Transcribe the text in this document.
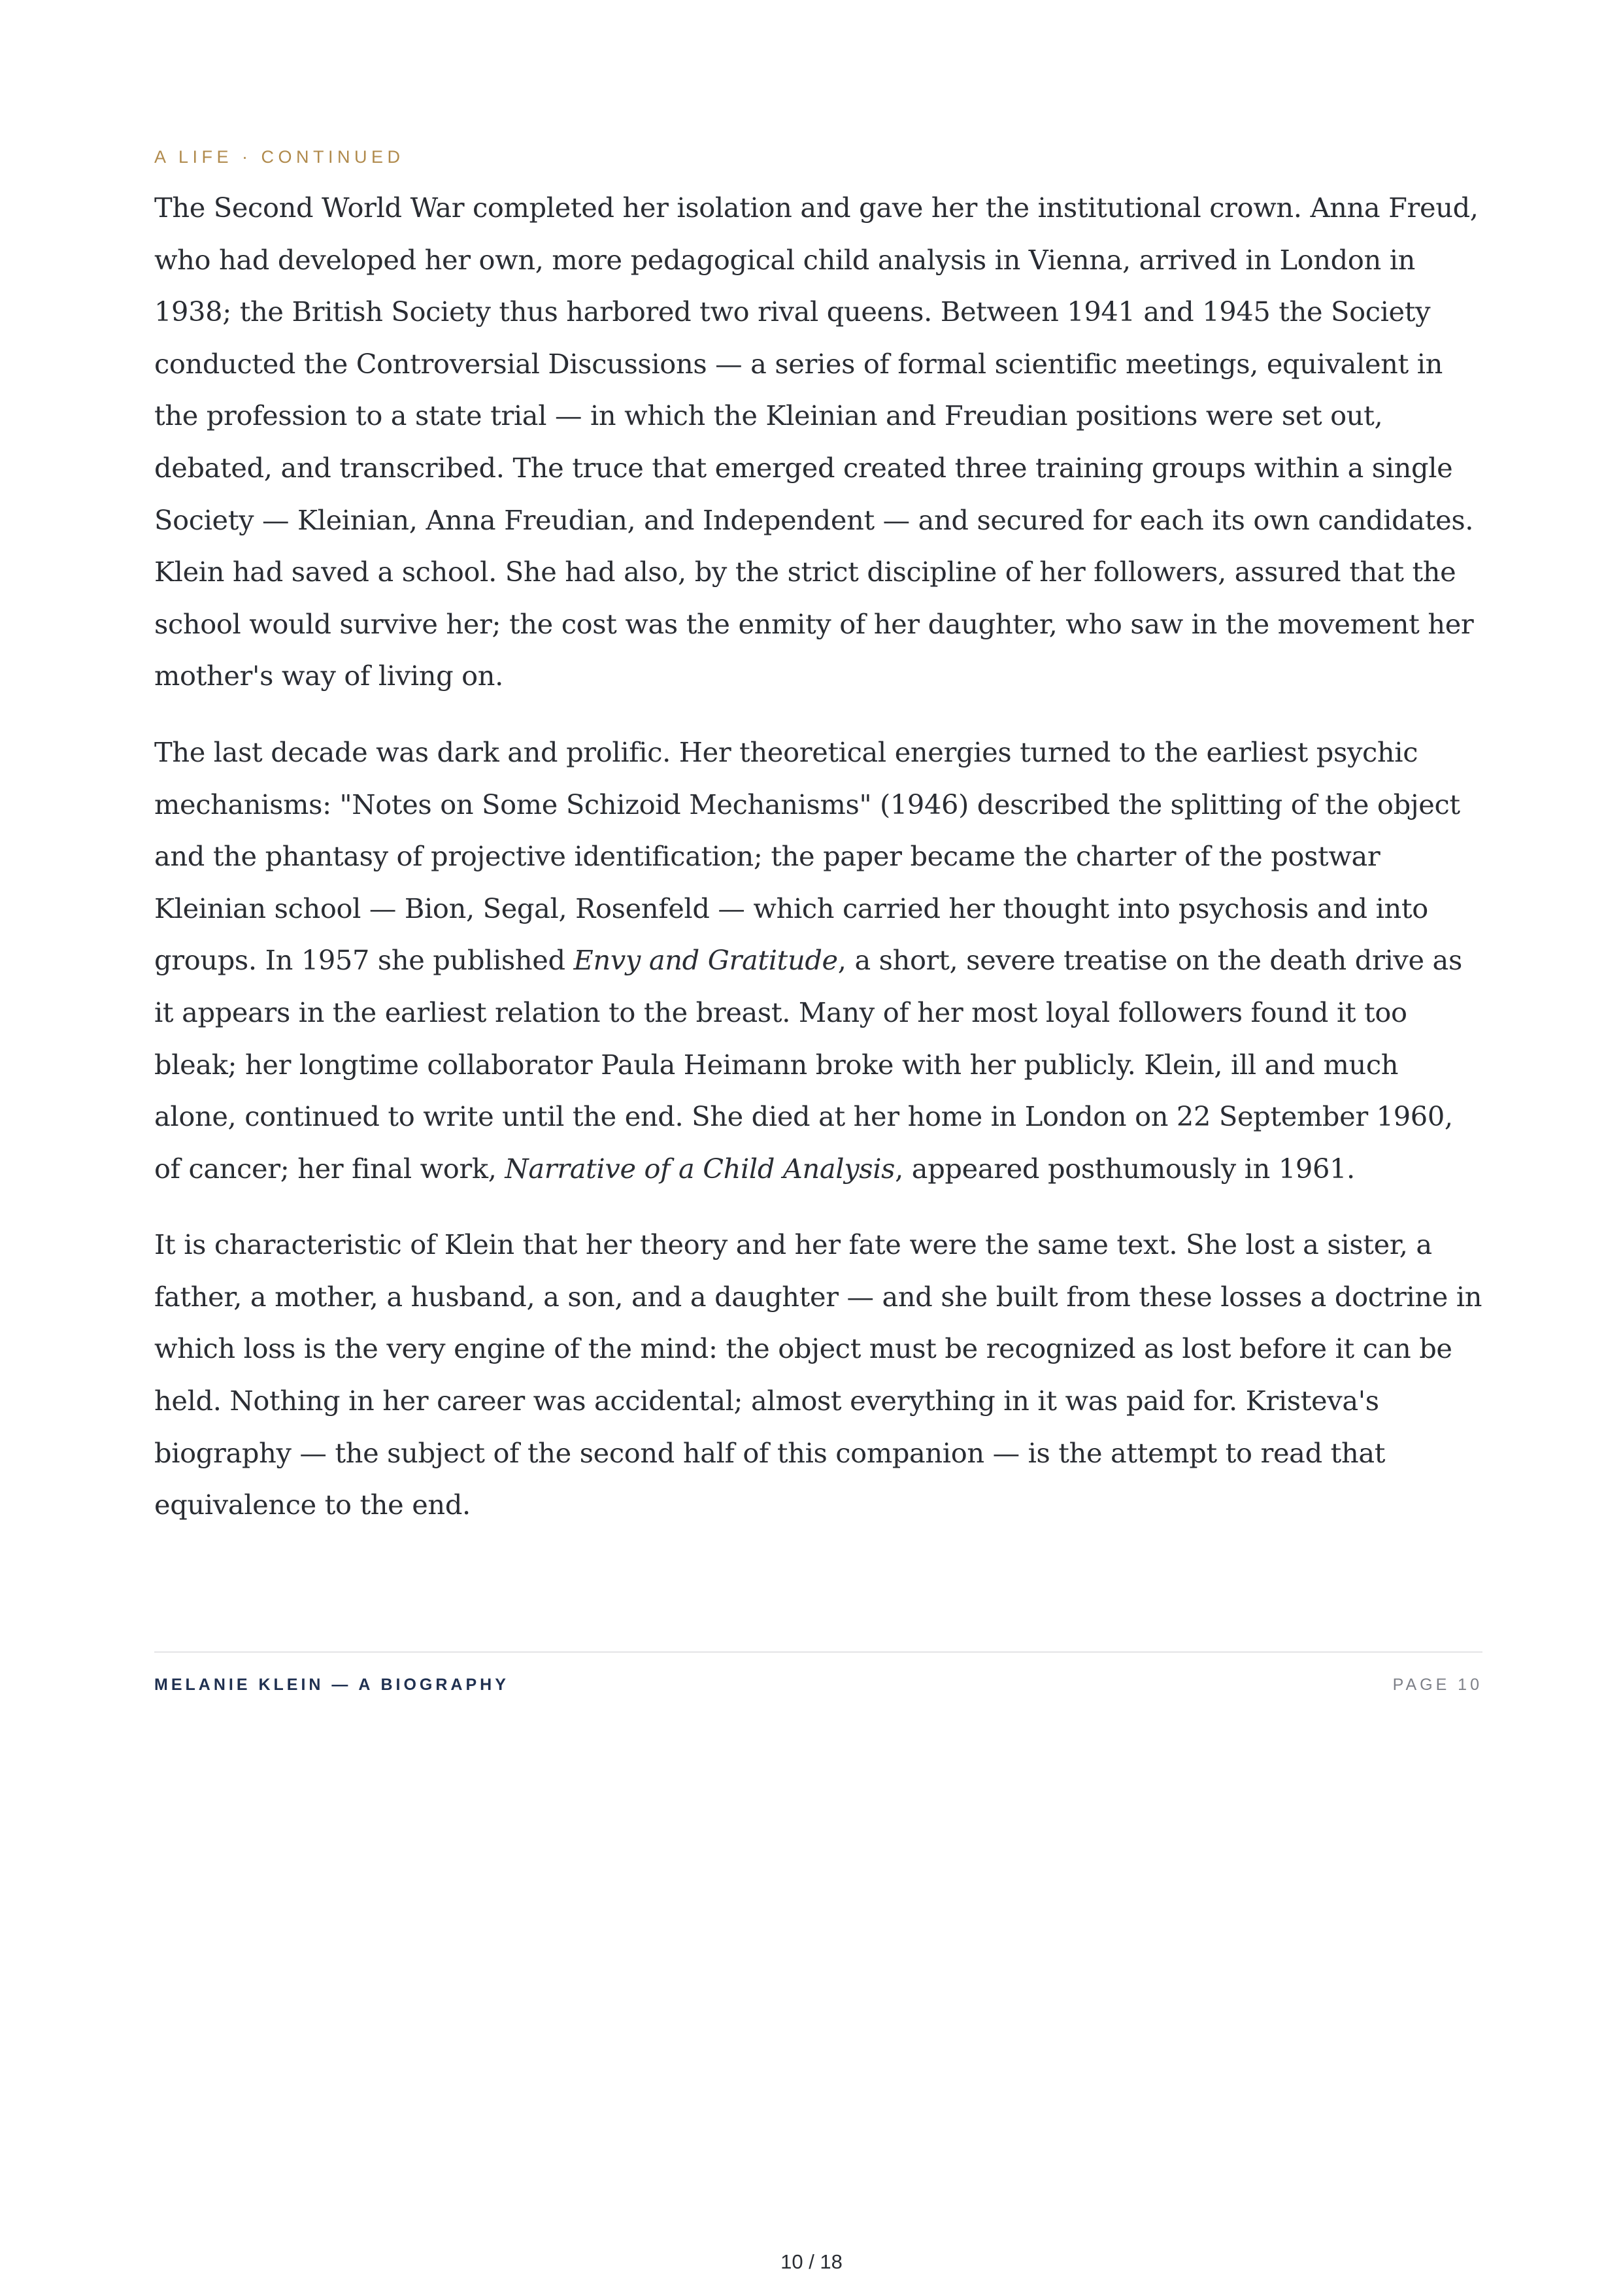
A LIFE · CONTINUED

The Second World War completed her isolation and gave her the institutional crown. Anna Freud, who had developed her own, more pedagogical child analysis in Vienna, arrived in London in 1938; the British Society thus harbored two rival queens. Between 1941 and 1945 the Society conducted the Controversial Discussions — a series of formal scientific meetings, equivalent in the profession to a state trial — in which the Kleinian and Freudian positions were set out, debated, and transcribed. The truce that emerged created three training groups within a single Society — Kleinian, Anna Freudian, and Independent — and secured for each its own candidates. Klein had saved a school. She had also, by the strict discipline of her followers, assured that the school would survive her; the cost was the enmity of her daughter, who saw in the movement her mother's way of living on.

The last decade was dark and prolific. Her theoretical energies turned to the earliest psychic mechanisms: "Notes on Some Schizoid Mechanisms" (1946) described the splitting of the object and the phantasy of projective identification; the paper became the charter of the postwar Kleinian school — Bion, Segal, Rosenfeld — which carried her thought into psychosis and into groups. In 1957 she published Envy and Gratitude, a short, severe treatise on the death drive as it appears in the earliest relation to the breast. Many of her most loyal followers found it too bleak; her longtime collaborator Paula Heimann broke with her publicly. Klein, ill and much alone, continued to write until the end. She died at her home in London on 22 September 1960, of cancer; her final work, Narrative of a Child Analysis, appeared posthumously in 1961.

It is characteristic of Klein that her theory and her fate were the same text. She lost a sister, a father, a mother, a husband, a son, and a daughter — and she built from these losses a doctrine in which loss is the very engine of the mind: the object must be recognized as lost before it can be held. Nothing in her career was accidental; almost everything in it was paid for. Kristeva's biography — the subject of the second half of this companion — is the attempt to read that equivalence to the end.

MELANIE KLEIN — A BIOGRAPHY	PAGE 10
10 / 18
